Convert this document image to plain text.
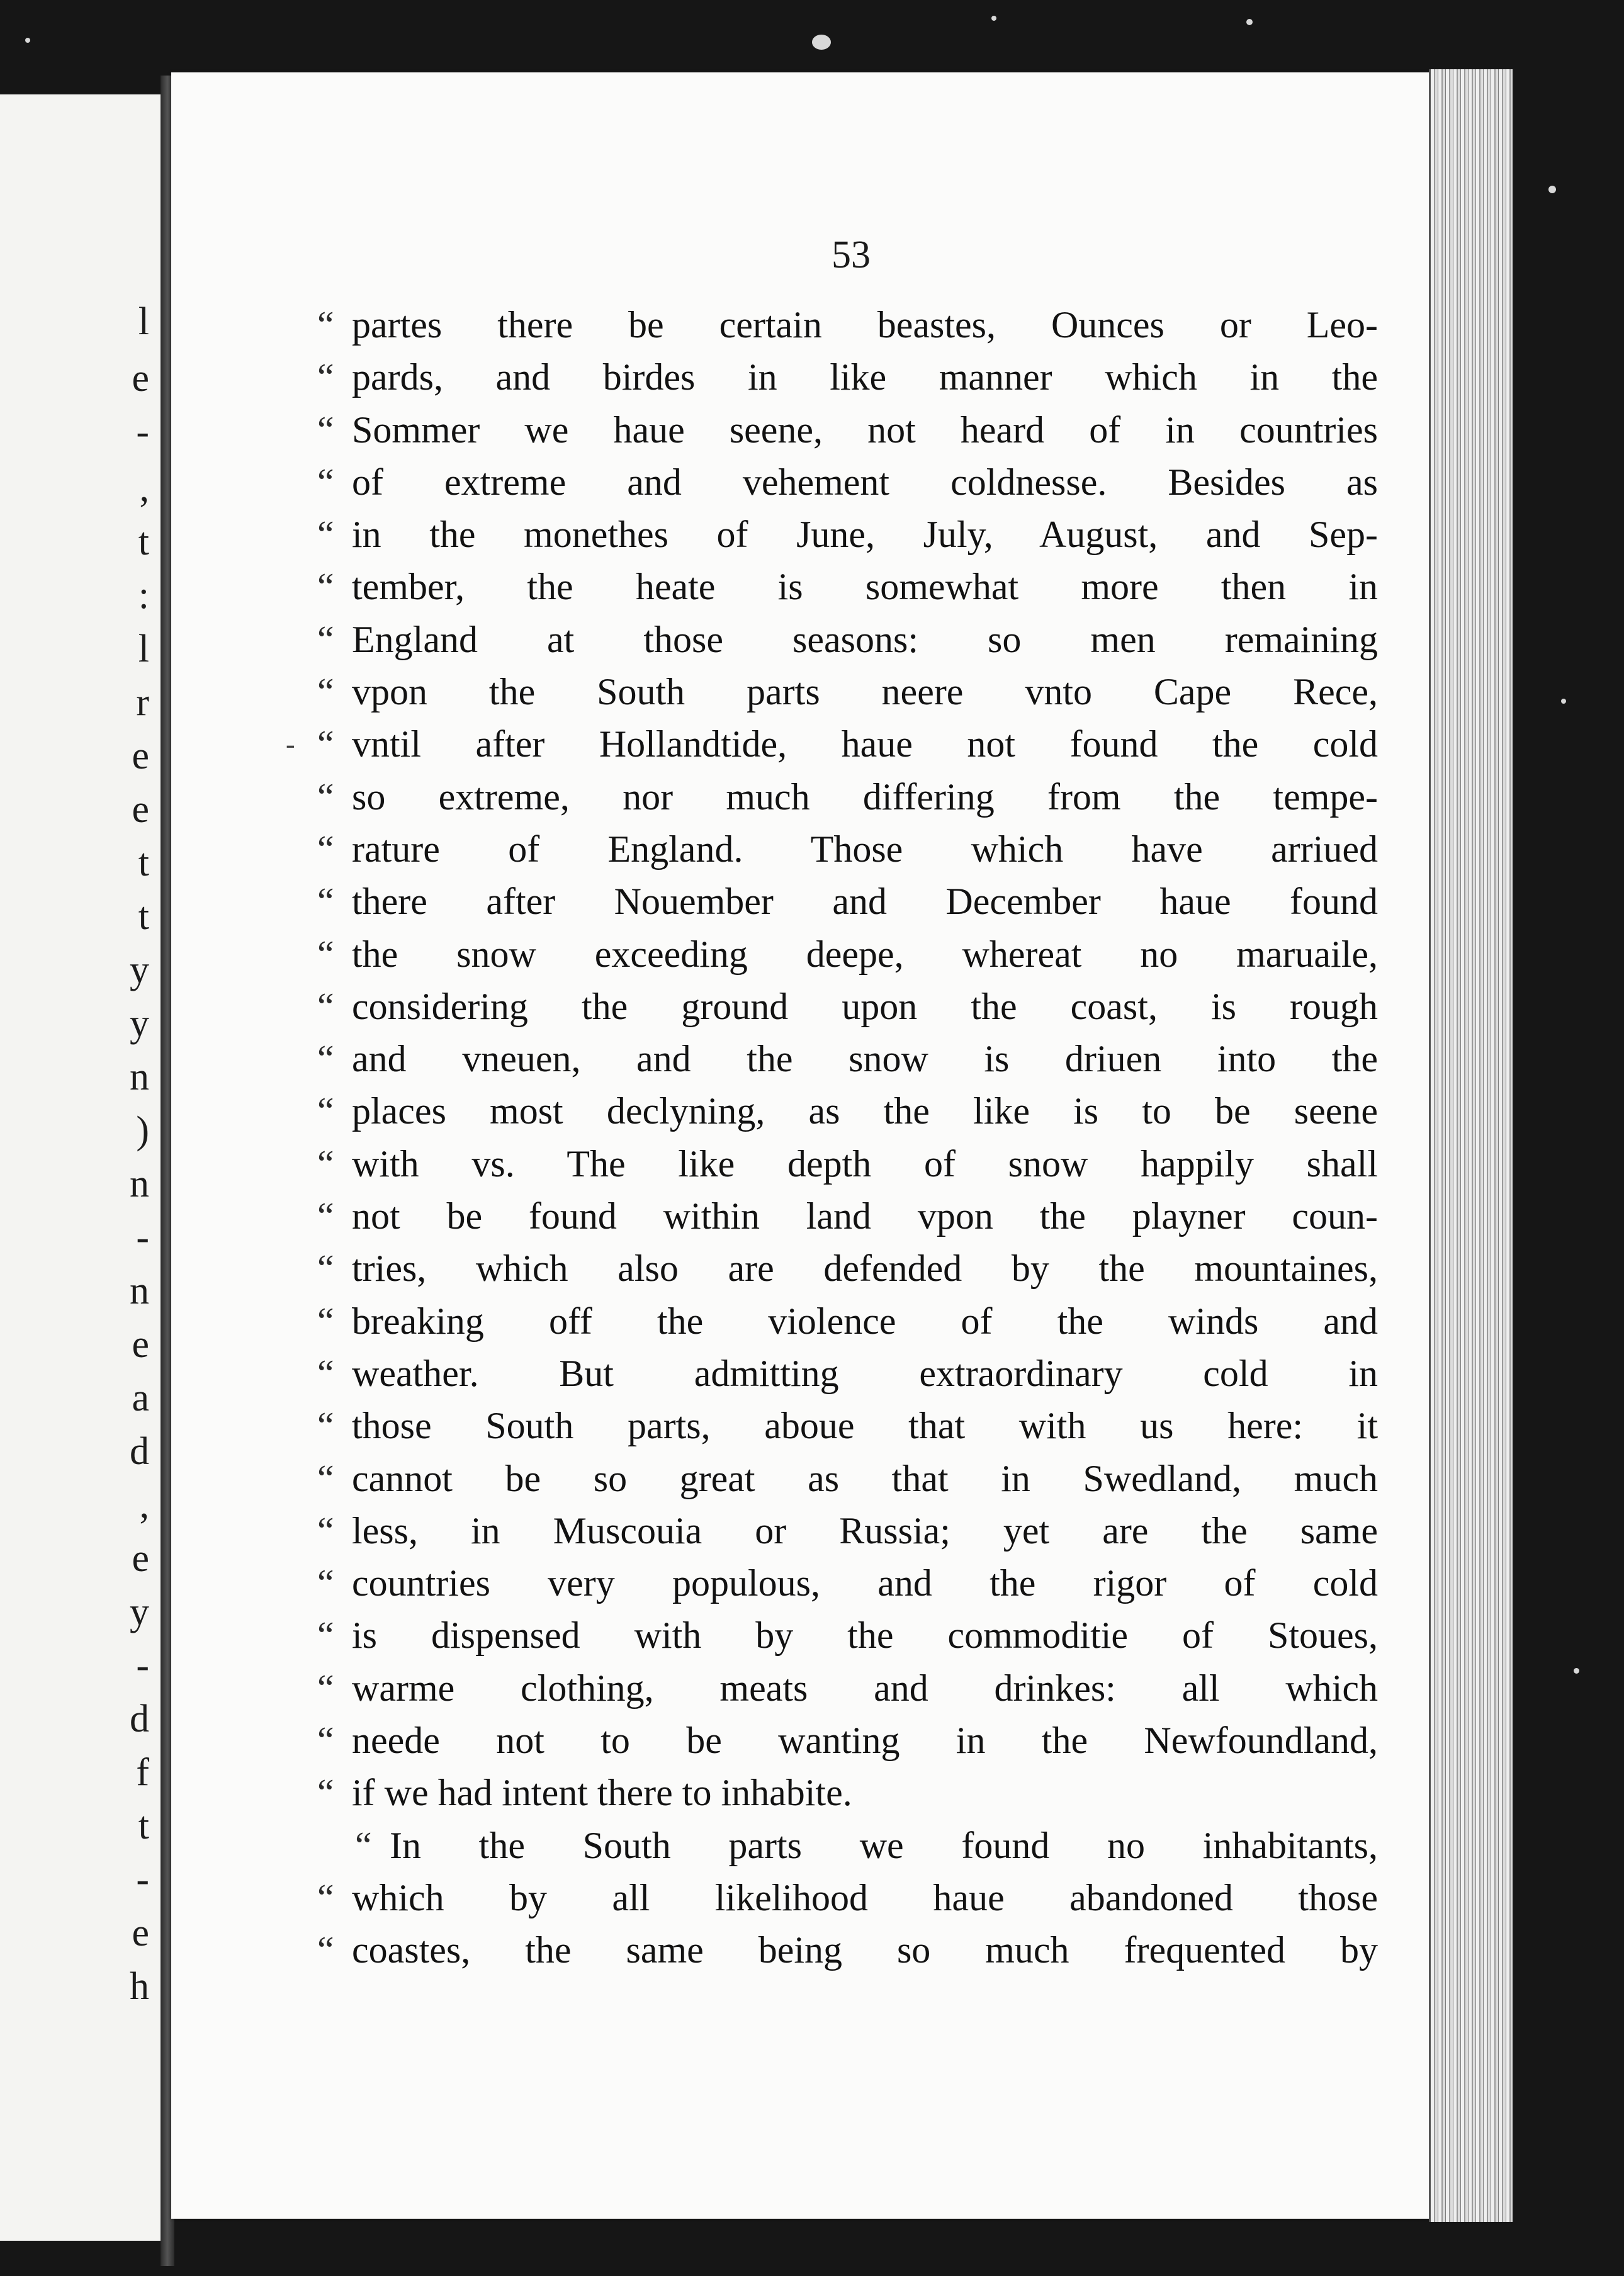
l
e
-
,
t
:
l
r
e
e
t
t
y
y
n
)
n
-
n
e
a
d
,
e
y
-
d
f
t
-
e
h
53
“ partes there be certain beastes, Ounces or Leo-
“ pards, and birdes in like manner which in the
“ Sommer we haue seene, not heard of in countries
“ of extreme and vehement coldnesse. Besides as
“ in the monethes of June, July, August, and Sep-
“ tember, the heate is somewhat more then in
“ England at those seasons: so men remaining
“ vpon the South parts neere vnto Cape Rece,
- “ vntil after Hollandtide, haue not found the cold
“ so extreme, nor much differing from the tempe-
“ rature of England. Those which have arriued
“ there after Nouember and December haue found
“ the snow exceeding deepe, whereat no maruaile,
“ considering the ground upon the coast, is rough
“ and vneuen, and the snow is driuen into the
“ places most declyning, as the like is to be seene
“ with vs. The like depth of snow happily shall
“ not be found within land vpon the playner coun-
“ tries, which also are defended by the mountaines,
“ breaking off the violence of the winds and
“ weather. But admitting extraordinary cold in
“ those South parts, aboue that with us here: it
“ cannot be so great as that in Swedland, much
“ less, in Muscouia or Russia; yet are the same
“ countries very populous, and the rigor of cold
“ is dispensed with by the commoditie of Stoues,
“ warme clothing, meats and drinkes: all which
“ neede not to be wanting in the Newfoundland,
“ if we had intent there to inhabite.
“ In the South parts we found no inhabitants,
“ which by all likelihood haue abandoned those
“ coastes, the same being so much frequented by
